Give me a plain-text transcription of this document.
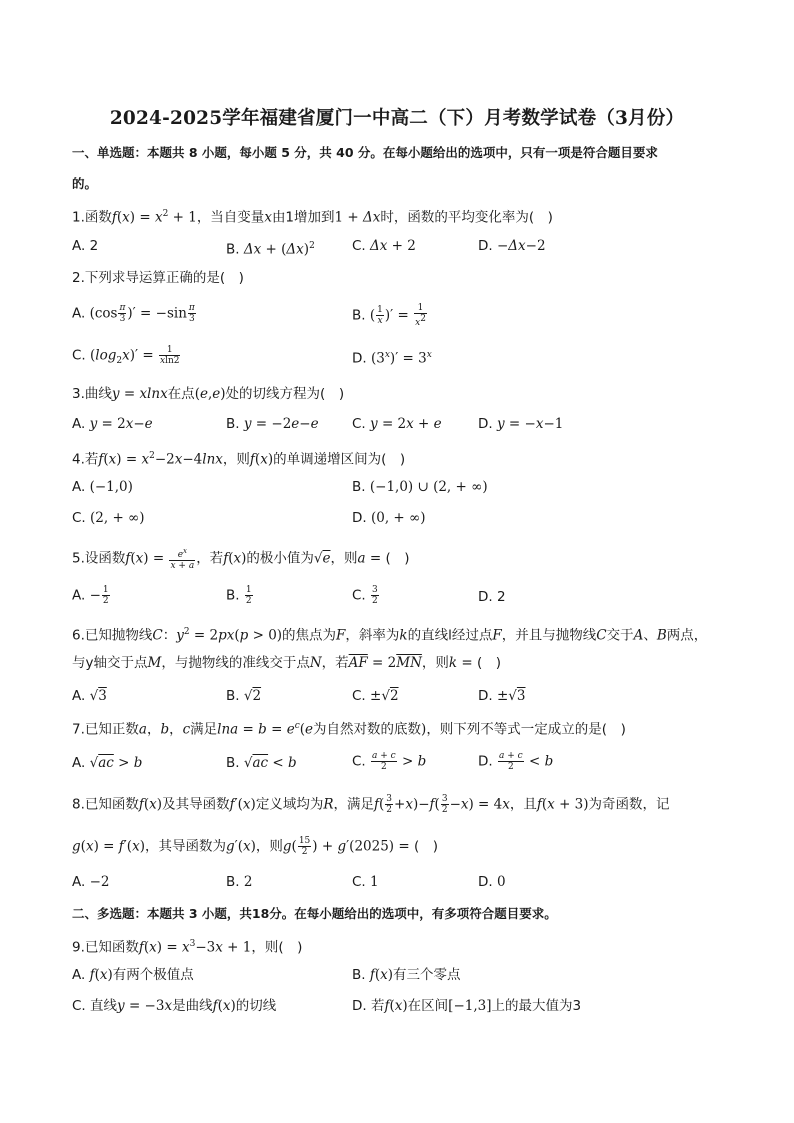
2024-2025学年福建省厦门一中高二（下）月考数学试卷（3月份）
一、单选题：本题共 8 小题，每小题 5 分，共 40 分。在每小题给出的选项中，只有一项是符合题目要求
的。
1.函数$f(x) = x^2 + 1$，当自变量x由1增加到1 + Δx时，函数的平均变化率为(　)
A. 2	B. $\Delta x + (\Delta x)^2$	C. Δx + 2	D. −Δx−2
2.下列求导运算正确的是(　)
A. ($\cos \frac{\pi}{3}$ )′ = $-\sin \frac{\pi}{3}$	B. ( $\frac{1}{x}$ )′ = $\frac{1}{x^2}$
C. $(\log_2x)' = \frac{1}{xln2}$	D. $(3^x)' = 3^x$
3.曲线y = xlnx在点(e,e)处的切线方程为(　)
A. y = 2x−e	B. y = −2e−e C. y = 2x + e	D. y = −x−1
4.若$f(x) = x^2-2x-4\ln x$，则f(x)的单调递增区间为(　)
A. (−1,0)	B. (−1,0) ∪ (2, + ∞)
C. (2, + ∞)	D. (0, + ∞)
5.设函数$f(x) = \frac{e^x}{x + a}$ ，若f(x)的极小值为√e，则a = (　)
A. − $\frac{1}{2}$	B. $\frac{1}{2}$	C. $\frac{3}{2}$	D. 2
6.已知抛物线C：$y^2 = 2px(p > 0)$的焦点为F，斜率为k的直线l经过点F，并且与抛物线C交于A、B两点，
与y轴交于点M，与抛物线的准线交于点N，若$\overline{AF} = 2\overline{MN}$，则k = (　)
A. √3	B. √2	C. ±√2	D. ±√3
7.已知正数a，b，c满足$\ln a = b = e^c(e$为自然对数的底数)，则下列不等式一定成立的是(　)
A. √ac > b	B. √ac < b	C. $\frac{a + c}{2} > b$	D. $\frac{a + c}{2} < b$
8.已知函数f(x)及其导函数f′(x)定义域均为R，满足$f( \frac{3}{2} +x)-f( \frac{3}{2} -x) = 4x$，且f(x + 3)为奇函数，记
g(x) = f′(x)，其导函数为g′(x)，则$g( \frac{15}{2}$ ) + g′(2025) = (　)
A. −2	B. 2	C. 1	D. 0
二、多选题：本题共 3 小题，共18分。在每小题给出的选项中，有多项符合题目要求。
9.已知函数$f(x) = x^3-3x + 1$，则(　)
A. f(x)有两个极值点	B. f(x)有三个零点
C. 直线y = −3x是曲线f(x)的切线	D. 若f(x)在区间[−1,3]上的最大值为3
